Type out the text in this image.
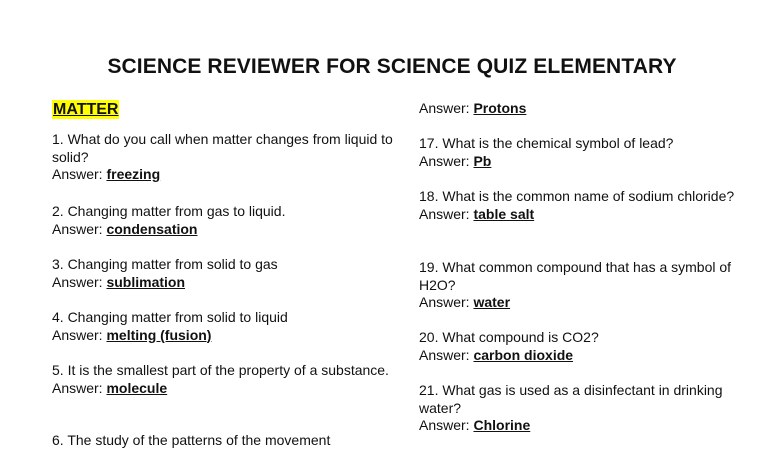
SCIENCE REVIEWER FOR SCIENCE QUIZ ELEMENTARY
MATTER

1. What do you call when matter changes from liquid to solid?

Answer: freezing

2. Changing matter from gas to liquid.

Answer: condensation

3. Changing matter from solid to gas

Answer: sublimation

4. Changing matter from solid to liquid

Answer: melting (fusion)

5. It is the smallest part of the property of a substance.

Answer: molecule

6. The study of the patterns of the movement

Answer: Protons

17. What is the chemical symbol of lead?

Answer: Pb

18. What is the common name of sodium chloride?

Answer: table salt

19. What common compound that has a symbol of H2O?

Answer: water

20. What compound is CO2?

Answer: carbon dioxide

21. What gas is used as a disinfectant in drinking water?

Answer: Chlorine
